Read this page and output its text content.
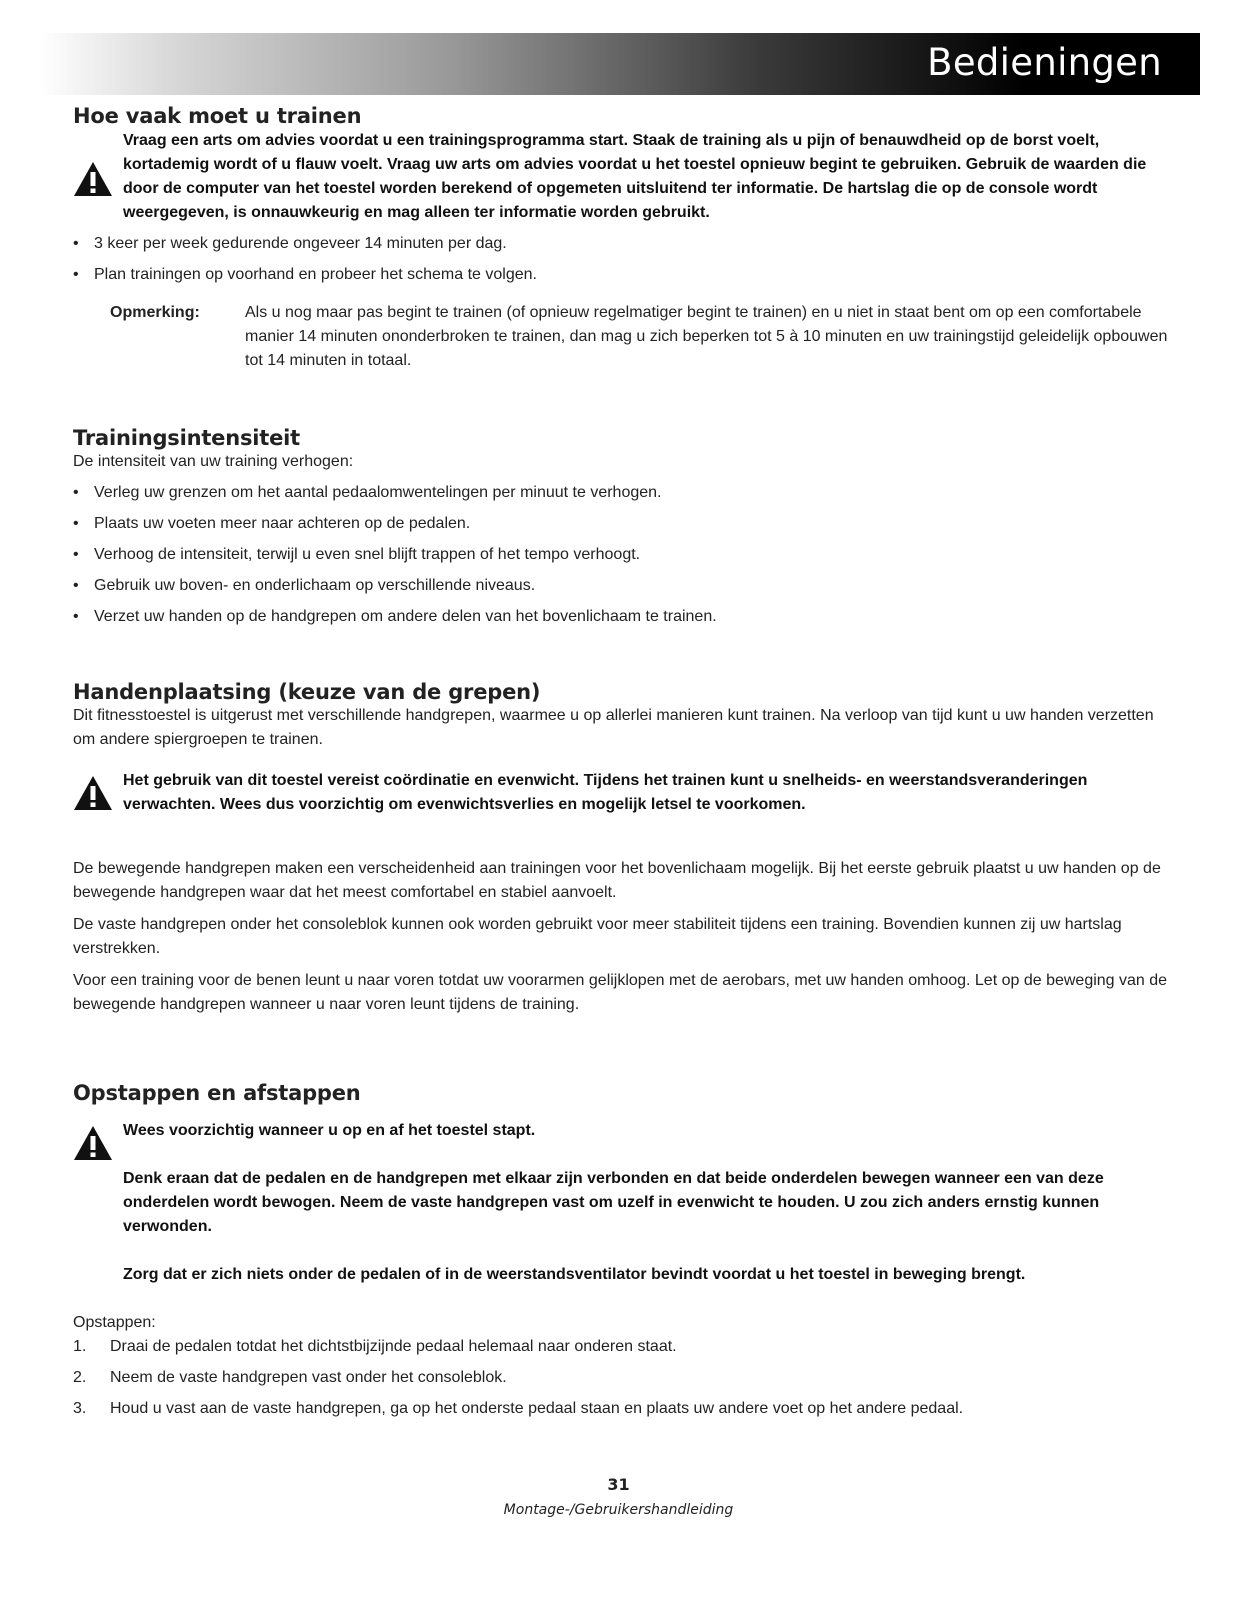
Bedieningen
Hoe vaak moet u trainen

Vraag een arts om advies voordat u een trainingsprogramma start. Staak de training als u pijn of benauwdheid op de borst voelt, kortademig wordt of u flauw voelt. Vraag uw arts om advies voordat u het toestel opnieuw begint te gebruiken. Gebruik de waarden die door de computer van het toestel worden berekend of opgemeten uitsluitend ter informatie. De hartslag die op de console wordt weergegeven, is onnauwkeurig en mag alleen ter informatie worden gebruikt.

• 3 keer per week gedurende ongeveer 14 minuten per dag.
• Plan trainingen op voorhand en probeer het schema te volgen.
Opmerking:	Als u nog maar pas begint te trainen (of opnieuw regelmatiger begint te trainen) en u niet in staat bent om op een comfortabele manier 14 minuten ononderbroken te trainen, dan mag u zich beperken tot 5 à 10 minuten en uw trainingstijd geleidelijk opbouwen tot 14 minuten in totaal.
Trainingsintensiteit

De intensiteit van uw training verhogen:

• Verleg uw grenzen om het aantal pedaalomwentelingen per minuut te verhogen.
• Plaats uw voeten meer naar achteren op de pedalen.
• Verhoog de intensiteit, terwijl u even snel blijft trappen of het tempo verhoogt.
• Gebruik uw boven- en onderlichaam op verschillende niveaus.
• Verzet uw handen op de handgrepen om andere delen van het bovenlichaam te trainen.
Handenplaatsing (keuze van de grepen)

Dit fitnesstoestel is uitgerust met verschillende handgrepen, waarmee u op allerlei manieren kunt trainen. Na verloop van tijd kunt u uw handen verzetten om andere spiergroepen te trainen.

Het gebruik van dit toestel vereist coördinatie en evenwicht. Tijdens het trainen kunt u snelheids- en weerstandsveranderingen verwachten. Wees dus voorzichtig om evenwichtsverlies en mogelijk letsel te voorkomen.

De bewegende handgrepen maken een verscheidenheid aan trainingen voor het bovenlichaam mogelijk. Bij het eerste gebruik plaatst u uw handen op de bewegende handgrepen waar dat het meest comfortabel en stabiel aanvoelt.

De vaste handgrepen onder het consoleblok kunnen ook worden gebruikt voor meer stabiliteit tijdens een training. Bovendien kunnen zij uw hartslag verstrekken.

Voor een training voor de benen leunt u naar voren totdat uw voorarmen gelijklopen met de aerobars, met uw handen omhoog. Let op de beweging van de bewegende handgrepen wanneer u naar voren leunt tijdens de training.

Opstappen en afstappen

Wees voorzichtig wanneer u op en af het toestel stapt.

Denk eraan dat de pedalen en de handgrepen met elkaar zijn verbonden en dat beide onderdelen bewegen wanneer een van deze onderdelen wordt bewogen. Neem de vaste handgrepen vast om uzelf in evenwicht te houden. U zou zich anders ernstig kunnen verwonden.

Zorg dat er zich niets onder de pedalen of in de weerstandsventilator bevindt voordat u het toestel in beweging brengt.

Opstappen:

1. Draai de pedalen totdat het dichtstbijzijnde pedaal helemaal naar onderen staat.
2. Neem de vaste handgrepen vast onder het consoleblok.
3. Houd u vast aan de vaste handgrepen, ga op het onderste pedaal staan en plaats uw andere voet op het andere pedaal.
31
Montage-/Gebruikershandleiding
